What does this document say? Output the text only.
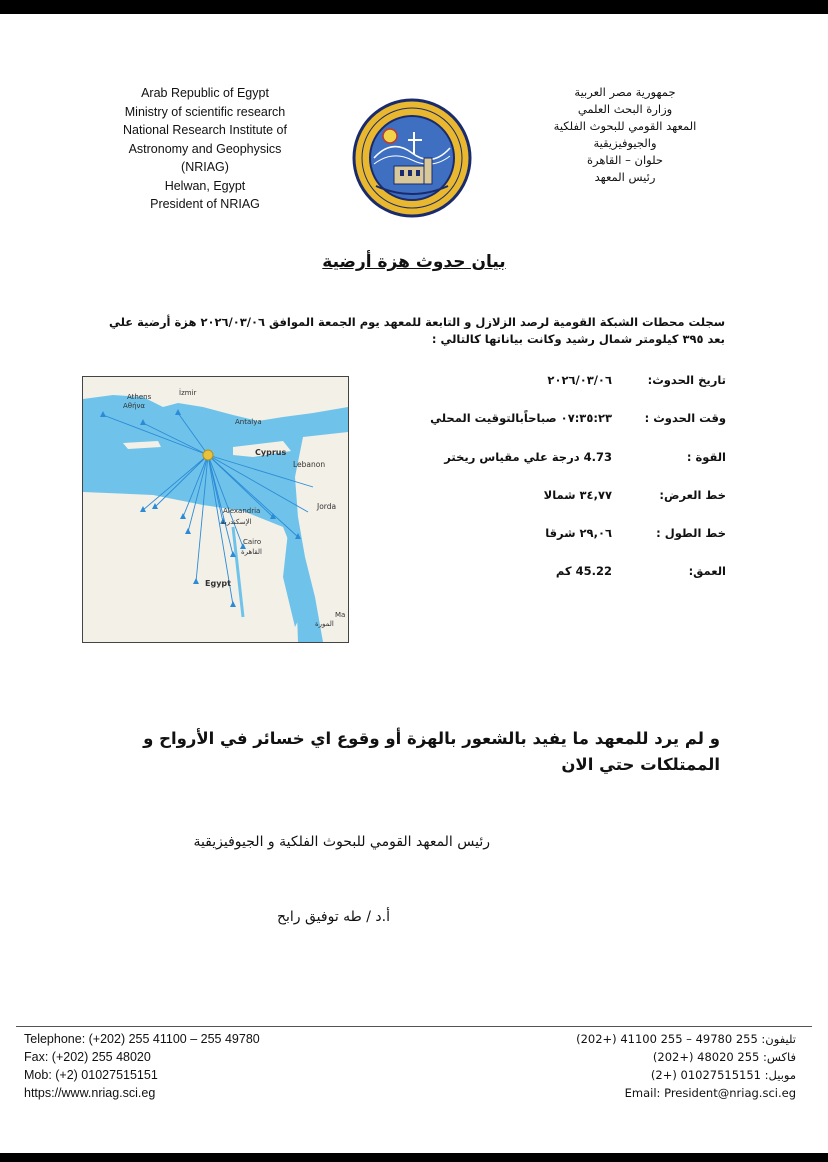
Arab Republic of Egypt
Ministry of scientific research
National Research Institute of
Astronomy and Geophysics
(NRIAG)
Helwan, Egypt
President of NRIAG
جمهورية مصر العربية
وزارة البحث العلمي
المعهد القومي للبحوث الفلكية
والجيوفيزيقية
حلوان – القاهرة
رئيس المعهد
بيان حدوث هزة أرضية
سجلت محطات الشبكة القومية لرصد الزلازل و التابعة للمعهد يوم الجمعة الموافق ٢٠٢٦/٠٣/٠٦ هزة أرضية علي بعد ٣٩٥ كيلومتر شمال رشيد وكانت بياناتها كالتالي :
Athens
Αθήνα
İzmir
Antalya
Cyprus
Lebanon
Jorda
Alexandria
الإسكندرية
Cairo
القاهرة
Egypt
Ma
المورة
تاريخ الحدوث: ٢٠٢٦/٠٣/٠٦
وقت الحدوث : ٠٧:٣٥:٢٣ صباحاًبالتوقيت المحلي
القوة : 4.73 درجة علي مقياس ريختر
خط العرض: ٣٤,٧٧ شمالا
خط الطول : ٢٩,٠٦ شرقا
العمق: 45.22 كم
و لم يرد للمعهد ما يفيد بالشعور بالهزة أو وقوع اي خسائر في الأرواح و الممتلكات حتي الان
رئيس المعهد القومي للبحوث الفلكية و الجيوفيزيقية
أ.د / طه توفيق رابح
Telephone: (+202) 255 41100 – 255 49780
Fax: (+202) 255 48020
Mob: (+2) 01027515151
https://www.nriag.sci.eg
تليفون: 255 49780 – 255 41100 (+202)
فاكس: 255 48020 (+202)
موبيل: 01027515151 (+2)
Email: President@nriag.sci.eg
